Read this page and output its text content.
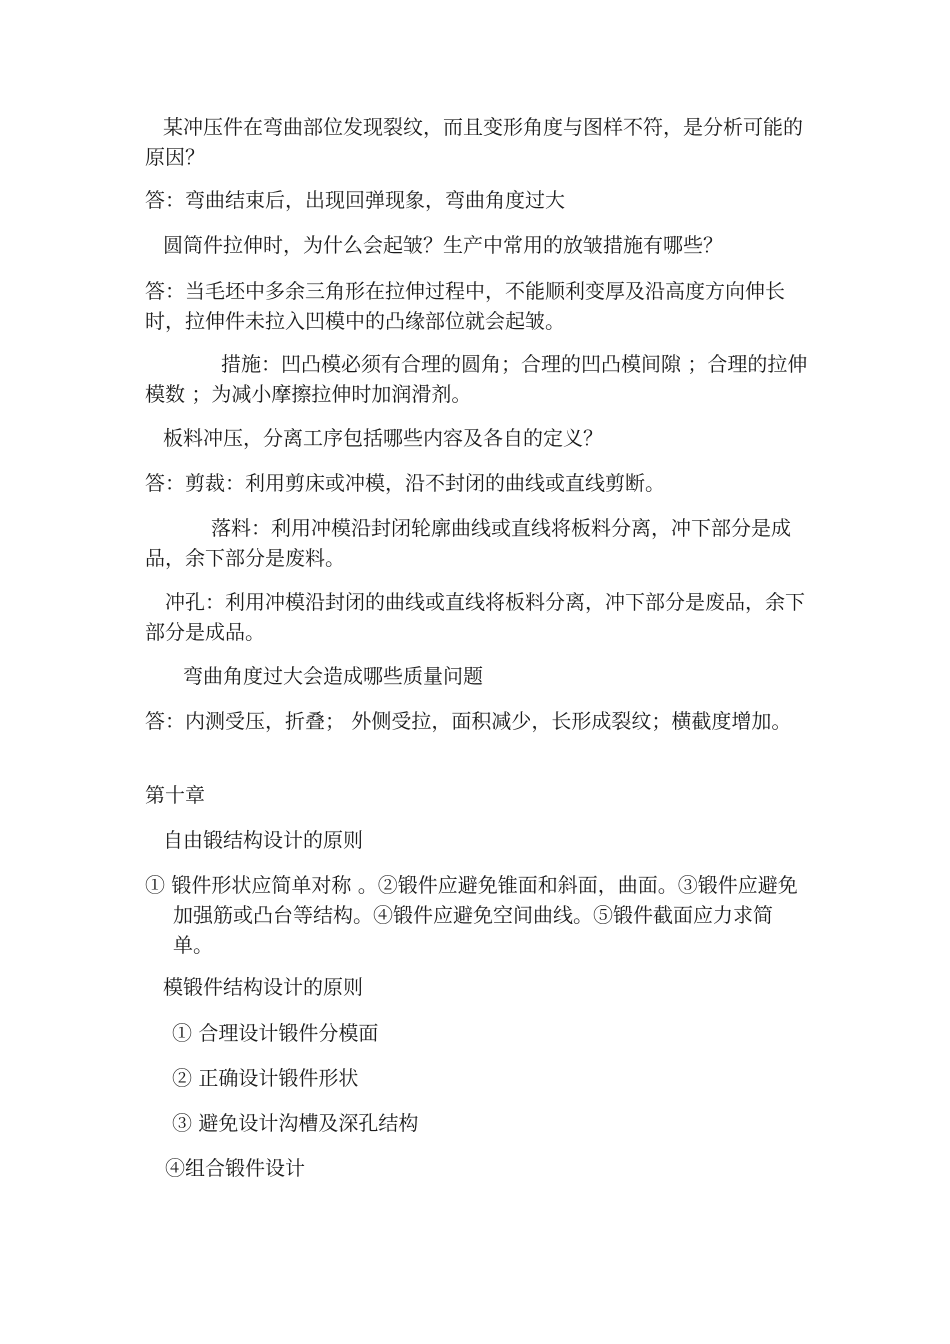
某冲压件在弯曲部位发现裂纹，而且变形角度与图样不符，是分析可能的原因？

答：弯曲结束后，出现回弹现象，弯曲角度过大

圆筒件拉伸时，为什么会起皱？生产中常用的放皱措施有哪些？

答：当毛坯中多余三角形在拉伸过程中，不能顺利变厚及沿高度方向伸长时，拉伸件未拉入凹模中的凸缘部位就会起皱。

措施：凹凸模必须有合理的圆角；合理的凹凸模间隙 ；合理的拉伸模数 ；为减小摩擦拉伸时加润滑剂。

板料冲压，分离工序包括哪些内容及各自的定义？

答：剪裁：利用剪床或冲模，沿不封闭的曲线或直线剪断。

落料：利用冲模沿封闭轮廓曲线或直线将板料分离，冲下部分是成品，余下部分是废料。

冲孔：利用冲模沿封闭的曲线或直线将板料分离，冲下部分是废品，余下部分是成品。

弯曲角度过大会造成哪些质量问题

答：内测受压，折叠； 外侧受拉，面积减少，长形成裂纹；横截度增加。

第十章

自由锻结构设计的原则

① 锻件形状应简单对称 。②锻件应避免锥面和斜面，曲面。③锻件应避免加强筋或凸台等结构。④锻件应避免空间曲线。⑤锻件截面应力求简单。

模锻件结构设计的原则

① 合理设计锻件分模面

② 正确设计锻件形状

③ 避免设计沟槽及深孔结构

④组合锻件设计
